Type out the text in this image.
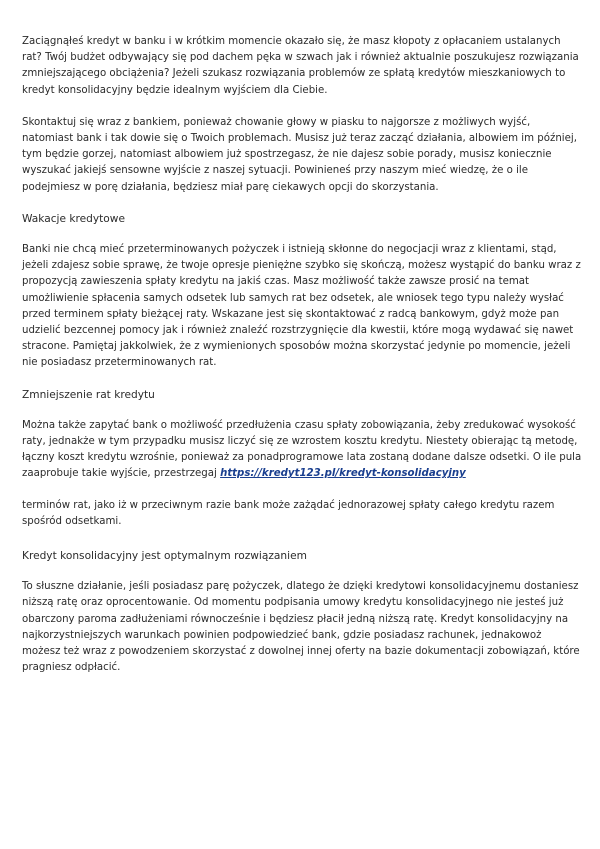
Zaciągnąłeś kredyt w banku i w krótkim momencie okazało się, że masz kłopoty z opłacaniem ustalanych rat? Twój budżet odbywający się pod dachem pęka w szwach jak i również aktualnie poszukujesz rozwiązania zmniejszającego obciążenia? Jeżeli szukasz rozwiązania problemów ze spłatą kredytów mieszkaniowych to kredyt konsolidacyjny będzie idealnym wyjściem dla Ciebie.

Skontaktuj się wraz z bankiem, ponieważ chowanie głowy w piasku to najgorsze z możliwych wyjść, natomiast bank i tak dowie się o Twoich problemach. Musisz już teraz zacząć działania, albowiem im później, tym będzie gorzej, natomiast albowiem już spostrzegasz, że nie dajesz sobie porady, musisz koniecznie wyszukać jakiejś sensowne wyjście z naszej sytuacji. Powinieneś przy naszym mieć wiedzę, że o ile podejmiesz w porę działania, będziesz miał parę ciekawych opcji do skorzystania.

Wakacje kredytowe

Banki nie chcą mieć przeterminowanych pożyczek i istnieją skłonne do negocjacji wraz z klientami, stąd, jeżeli zdajesz sobie sprawę, że twoje opresje pieniężne szybko się skończą, możesz wystąpić do banku wraz z propozycją zawieszenia spłaty kredytu na jakiś czas. Masz możliwość także zawsze prosić na temat umożliwienie spłacenia samych odsetek lub samych rat bez odsetek, ale wniosek tego typu należy wysłać przed terminem spłaty bieżącej raty. Wskazane jest się skontaktować z radcą bankowym, gdyż może pan udzielić bezcennej pomocy jak i również znaleźć rozstrzygnięcie dla kwestii, które mogą wydawać się nawet stracone. Pamiętaj jakkolwiek, że z wymienionych sposobów można skorzystać jedynie po momencie, jeżeli nie posiadasz przeterminowanych rat.

Zmniejszenie rat kredytu

Można także zapytać bank o możliwość przedłużenia czasu spłaty zobowiązania, żeby zredukować wysokość raty, jednakże w tym przypadku musisz liczyć się ze wzrostem kosztu kredytu. Niestety obierając tą metodę, łączny koszt kredytu wzrośnie, ponieważ za ponadprogramowe lata zostaną dodane dalsze odsetki. O ile pula zaaprobuje takie wyjście, przestrzegaj https://kredyt123.pl/kredyt-konsolidacyjny

terminów rat, jako iż w przeciwnym razie bank może zażądać jednorazowej spłaty całego kredytu razem spośród odsetkami.

Kredyt konsolidacyjny jest optymalnym rozwiązaniem

To słuszne działanie, jeśli posiadasz parę pożyczek, dlatego że dzięki kredytowi konsolidacyjnemu dostaniesz niższą ratę oraz oprocentowanie. Od momentu podpisania umowy kredytu konsolidacyjnego nie jesteś już obarczony paroma zadłużeniami równocześnie i będziesz płacił jedną niższą ratę. Kredyt konsolidacyjny na najkorzystniejszych warunkach powinien podpowiedzieć bank, gdzie posiadasz rachunek, jednakowoż możesz też wraz z powodzeniem skorzystać z dowolnej innej oferty na bazie dokumentacji zobowiązań, które pragniesz odpłacić.
